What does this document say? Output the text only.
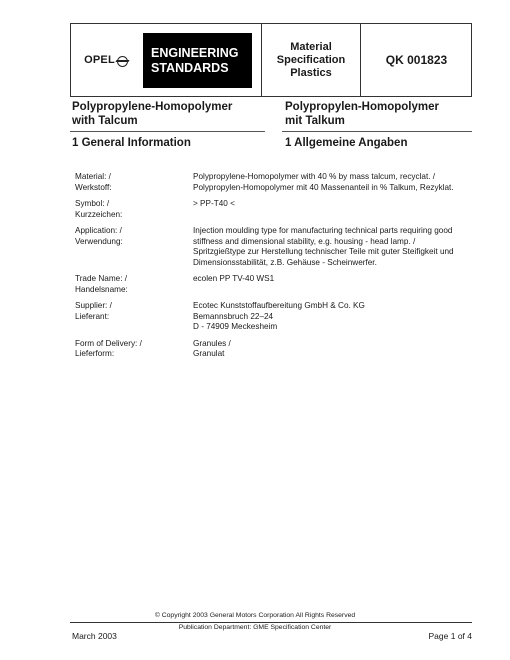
OPEL
ENGINEERING
STANDARDS
Material
Specification
Plastics
QK 001823
Polypropylene-Homopolymer
with Talcum
Polypropylen-Homopolymer
mit Talkum
1 General Information	1 Allgemeine Angaben
Material: /
Werkstoff:
Polypropylene-Homopolymer with 40 % by mass talcum, recyclat. /
Polypropylen-Homopolymer mit 40 Massenanteil in % Talkum, Rezyklat.
Symbol: /
Kurzzeichen:
> PP-T40 <
Application: /
Verwendung:
Injection moulding type for manufacturing technical parts requiring good
stiffness and dimensional stability, e.g. housing - head lamp. /
Spritzgießtype zur Herstellung technischer Teile mit guter Steifigkeit und
Dimensionsstabilität, z.B. Gehäuse - Scheinwerfer.
Trade Name: /
Handelsname:
ecolen PP TV-40 WS1
Supplier: /
Lieferant:
Ecotec Kunststoffaufbereitung GmbH & Co. KG
Bemannsbruch 22–24
D - 74909 Meckesheim
Form of Delivery: /
Lieferform:
Granules /
Granulat
© Copyright 2003 General Motors Corporation All Rights Reserved
Publication Department: GME Specification Center
March 2003	Page 1 of 4
